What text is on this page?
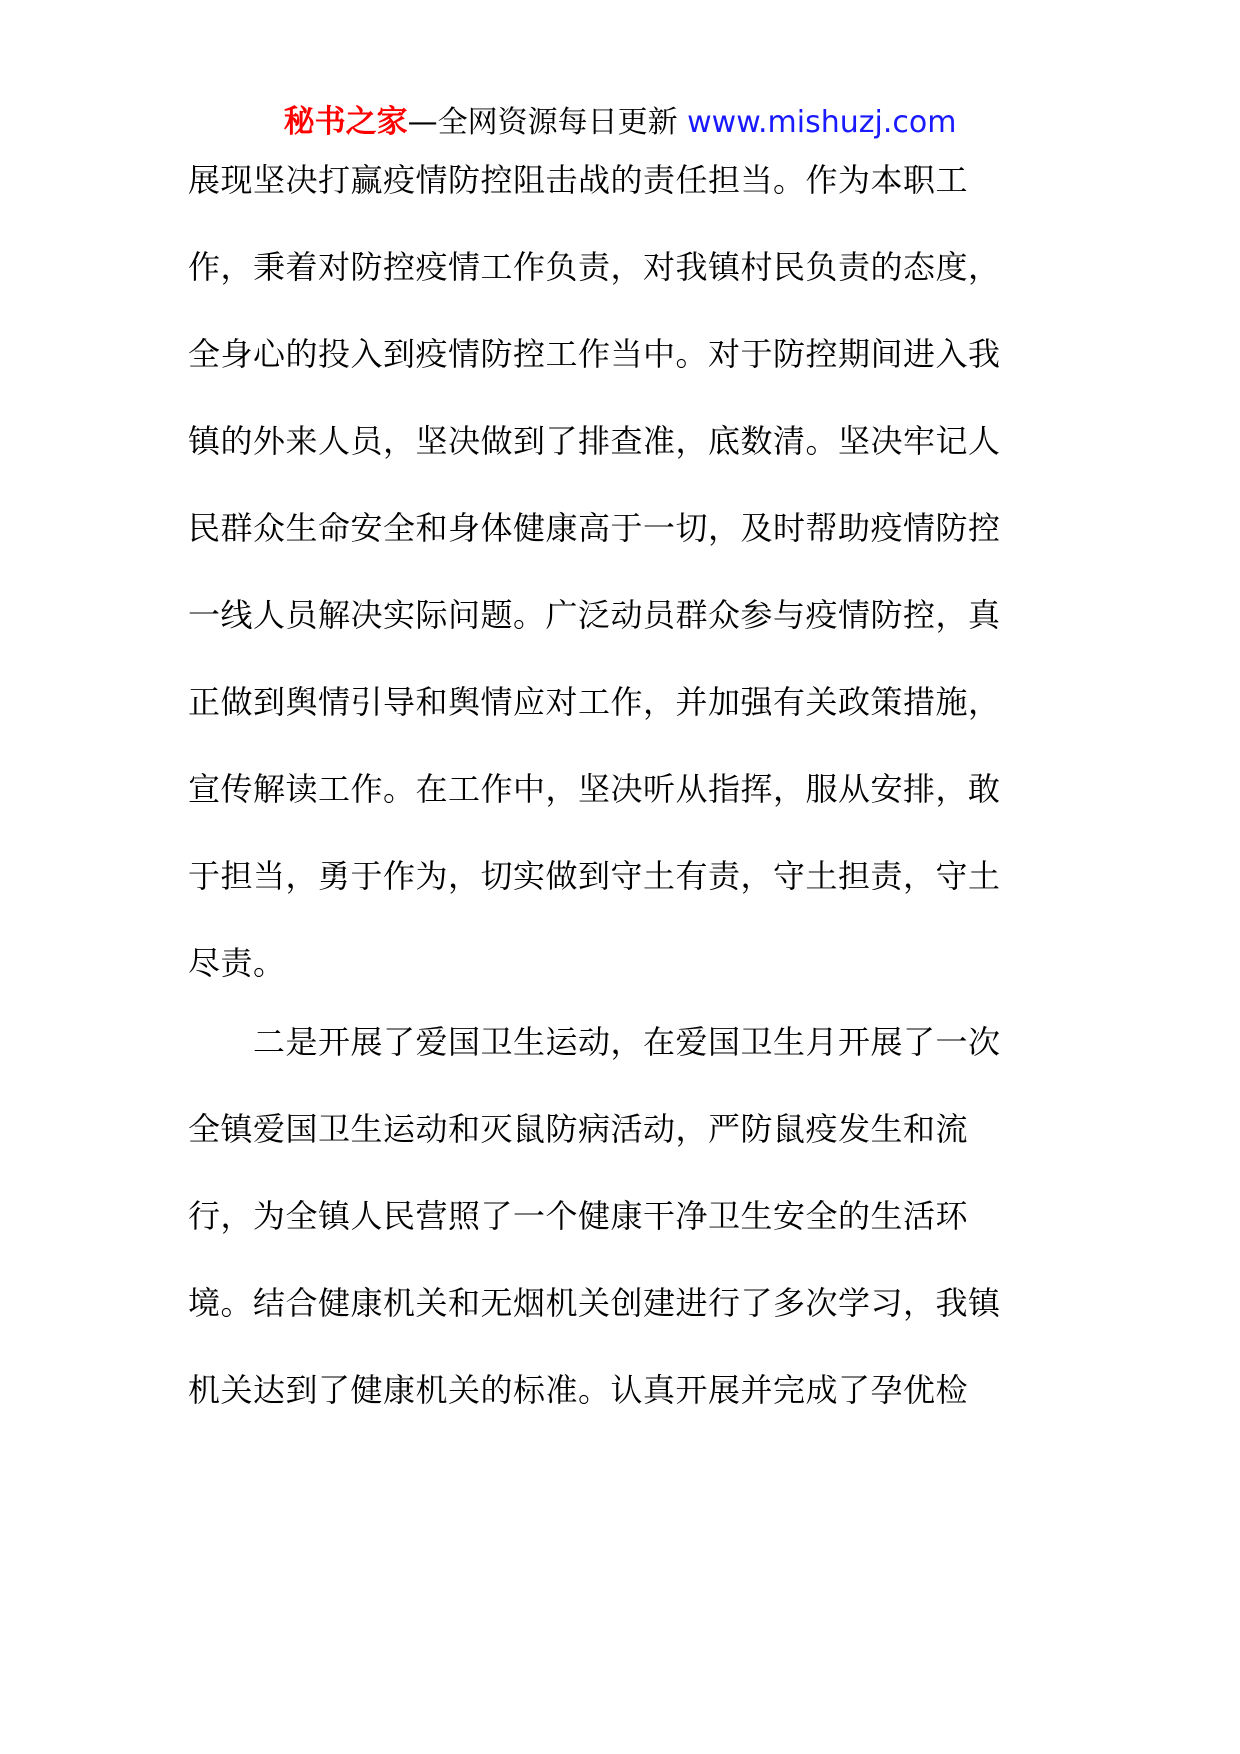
秘书之家—全网资源每日更新 www.mishuzj.com
展现坚决打赢疫情防控阻击战的责任担当。作为本职工
作，秉着对防控疫情工作负责，对我镇村民负责的态度，
全身心的投入到疫情防控工作当中。对于防控期间进入我
镇的外来人员，坚决做到了排查准，底数清。坚决牢记人
民群众生命安全和身体健康高于一切，及时帮助疫情防控
一线人员解决实际问题。广泛动员群众参与疫情防控，真
正做到舆情引导和舆情应对工作，并加强有关政策措施，
宣传解读工作。在工作中，坚决听从指挥，服从安排，敢
于担当，勇于作为，切实做到守土有责，守土担责，守土
尽责。
　　二是开展了爱国卫生运动，在爱国卫生月开展了一次
全镇爱国卫生运动和灭鼠防病活动，严防鼠疫发生和流
行，为全镇人民营照了一个健康干净卫生安全的生活环
境。结合健康机关和无烟机关创建进行了多次学习，我镇
机关达到了健康机关的标准。认真开展并完成了孕优检
